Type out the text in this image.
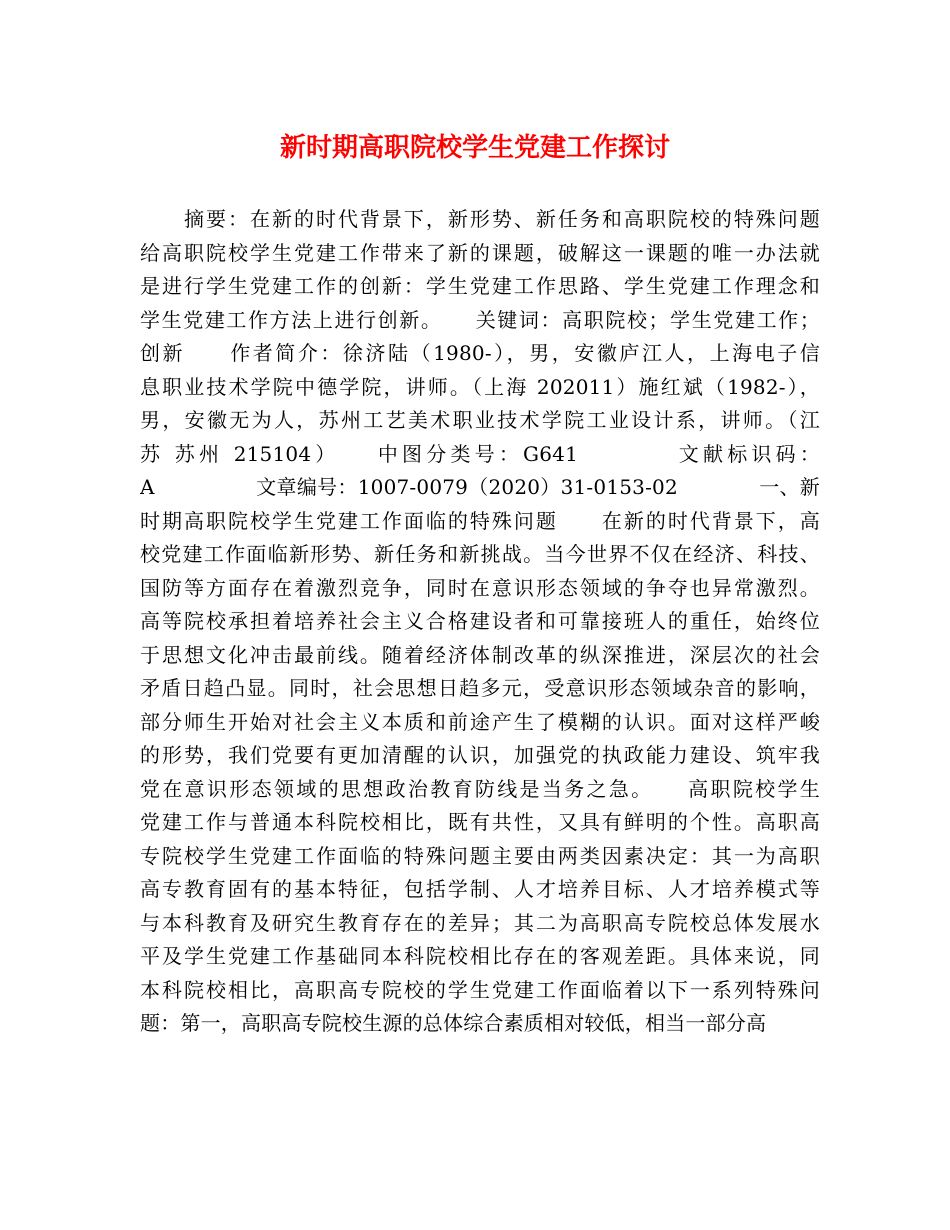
新时期高职院校学生党建工作探讨
　　摘要：在新的时代背景下，新形势、新任务和高职院校的特殊问题
给高职院校学生党建工作带来了新的课题，破解这一课题的唯一办法就
是进行学生党建工作的创新：学生党建工作思路、学生党建工作理念和
学生党建工作方法上进行创新。　　关键词：高职院校；学生党建工作；
创新　　作者简介：徐济陆（1980-），男，安徽庐江人，上海电子信
息职业技术学院中德学院，讲师。（上海 202011）施红斌（1982-），
男，安徽无为人，苏州工艺美术职业技术学院工业设计系，讲师。（江
苏 苏州 215104）　　中图分类号：G641　　　　文献标识码：
A　　　　　文章编号：1007-0079（2020）31-0153-02　　　　一、新
时期高职院校学生党建工作面临的特殊问题　　在新的时代背景下，高
校党建工作面临新形势、新任务和新挑战。当今世界不仅在经济、科技、
国防等方面存在着激烈竞争，同时在意识形态领域的争夺也异常激烈。
高等院校承担着培养社会主义合格建设者和可靠接班人的重任，始终位
于思想文化冲击最前线。随着经济体制改革的纵深推进，深层次的社会
矛盾日趋凸显。同时，社会思想日趋多元，受意识形态领域杂音的影响，
部分师生开始对社会主义本质和前途产生了模糊的认识。面对这样严峻
的形势，我们党要有更加清醒的认识，加强党的执政能力建设、筑牢我
党在意识形态领域的思想政治教育防线是当务之急。　　高职院校学生
党建工作与普通本科院校相比，既有共性，又具有鲜明的个性。高职高
专院校学生党建工作面临的特殊问题主要由两类因素决定：其一为高职
高专教育固有的基本特征，包括学制、人才培养目标、人才培养模式等
与本科教育及研究生教育存在的差异；其二为高职高专院校总体发展水
平及学生党建工作基础同本科院校相比存在的客观差距。具体来说，同
本科院校相比，高职高专院校的学生党建工作面临着以下一系列特殊问
题：第一，高职高专院校生源的总体综合素质相对较低，相当一部分高
